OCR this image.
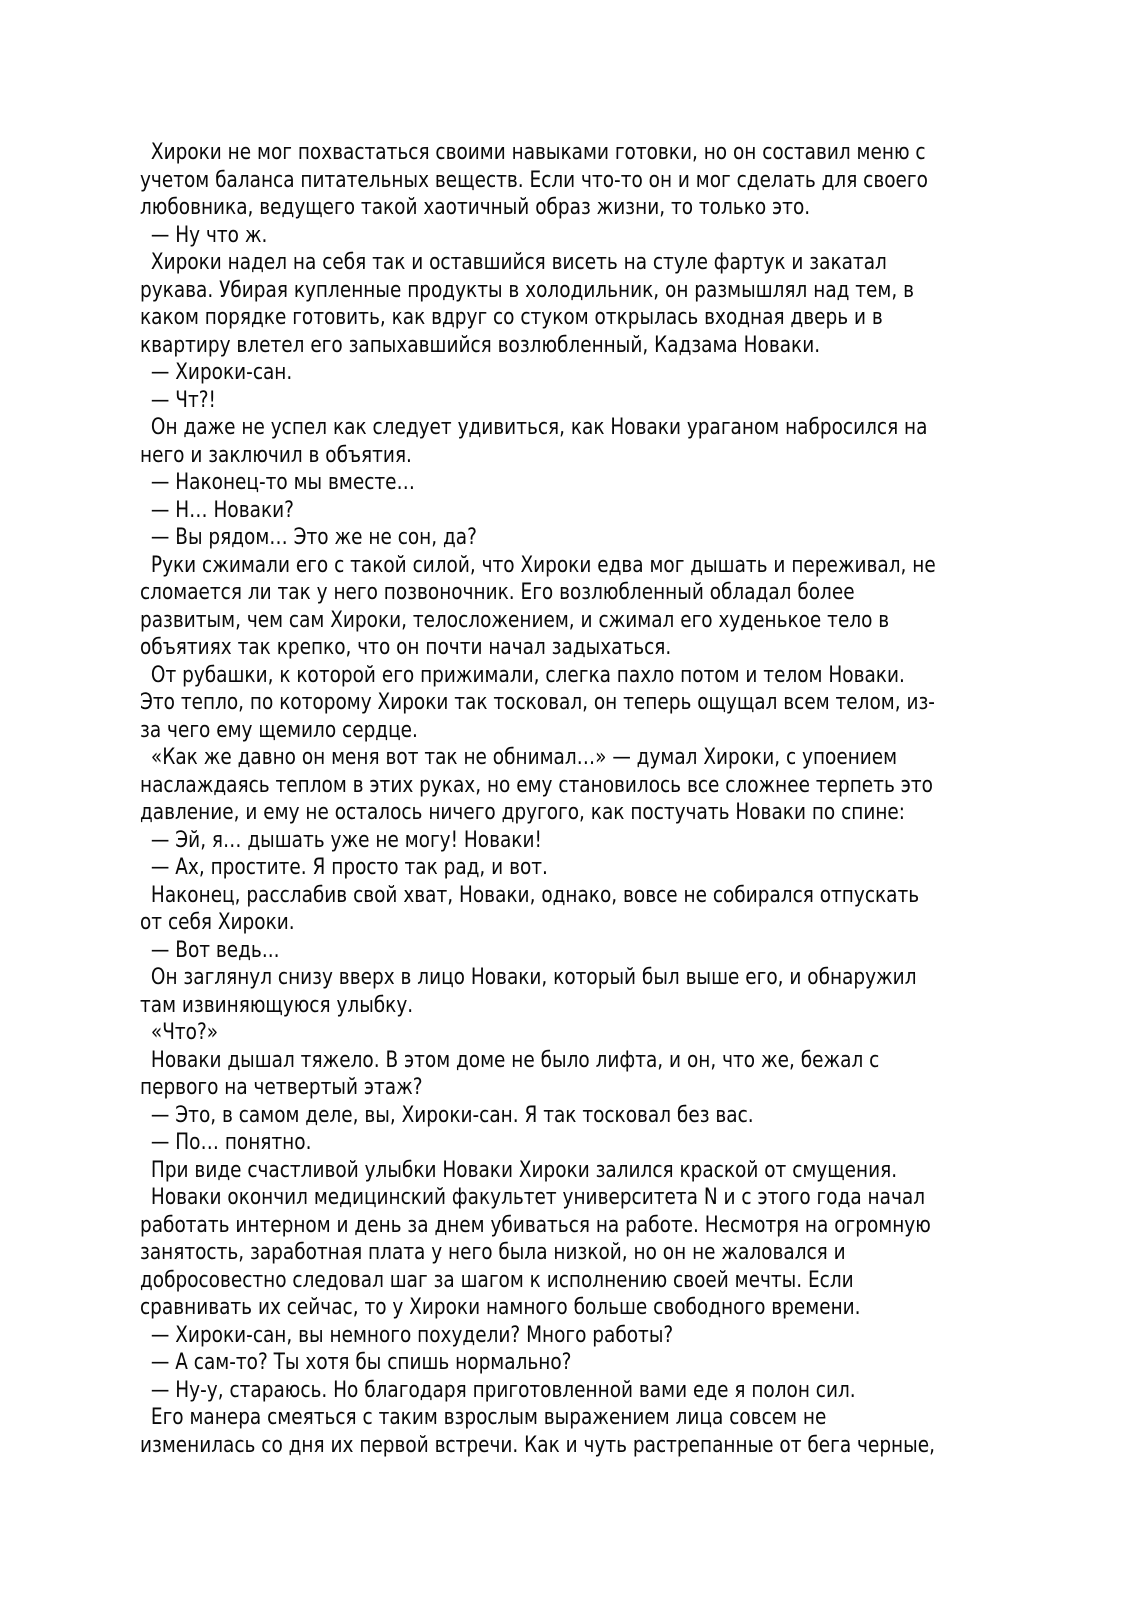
Хироки не мог похвастаться своими навыками готовки, но он составил меню с
учетом баланса питательных веществ. Если что-то он и мог сделать для своего
любовника, ведущего такой хаотичный образ жизни, то только это.
— Ну что ж.
Хироки надел на себя так и оставшийся висеть на стуле фартук и закатал
рукава. Убирая купленные продукты в холодильник, он размышлял над тем, в
каком порядке готовить, как вдруг со стуком открылась входная дверь и в
квартиру влетел его запыхавшийся возлюбленный, Кадзама Новаки.
— Хироки-сан.
— Чт?!
Он даже не успел как следует удивиться, как Новаки ураганом набросился на
него и заключил в объятия.
— Наконец-то мы вместе…
— Н… Новаки?
— Вы рядом… Это же не сон, да?
Руки сжимали его с такой силой, что Хироки едва мог дышать и переживал, не
сломается ли так у него позвоночник. Его возлюбленный обладал более
развитым, чем сам Хироки, телосложением, и сжимал его худенькое тело в
объятиях так крепко, что он почти начал задыхаться.
От рубашки, к которой его прижимали, слегка пахло потом и телом Новаки.
Это тепло, по которому Хироки так тосковал, он теперь ощущал всем телом, из-
за чего ему щемило сердце.
«Как же давно он меня вот так не обнимал…» — думал Хироки, с упоением
наслаждаясь теплом в этих руках, но ему становилось все сложнее терпеть это
давление, и ему не осталось ничего другого, как постучать Новаки по спине:
— Эй, я… дышать уже не могу! Новаки!
— Ах, простите. Я просто так рад, и вот.
Наконец, расслабив свой хват, Новаки, однако, вовсе не собирался отпускать
от себя Хироки.
— Вот ведь...
Он заглянул снизу вверх в лицо Новаки, который был выше его, и обнаружил
там извиняющуюся улыбку.
«Что?»
Новаки дышал тяжело. В этом доме не было лифта, и он, что же, бежал с
первого на четвертый этаж?
— Это, в самом деле, вы, Хироки-сан. Я так тосковал без вас.
— По… понятно.
При виде счастливой улыбки Новаки Хироки залился краской от смущения.
Новаки окончил медицинский факультет университета N и с этого года начал
работать интерном и день за днем убиваться на работе. Несмотря на огромную
занятость, заработная плата у него была низкой, но он не жаловался и
добросовестно следовал шаг за шагом к исполнению своей мечты. Если
сравнивать их сейчас, то у Хироки намного больше свободного времени.
— Хироки-сан, вы немного похудели? Много работы?
— А сам-то? Ты хотя бы спишь нормально?
— Ну-у, стараюсь. Но благодаря приготовленной вами еде я полон сил.
Его манера смеяться с таким взрослым выражением лица совсем не
изменилась со дня их первой встречи. Как и чуть растрепанные от бега черные,
